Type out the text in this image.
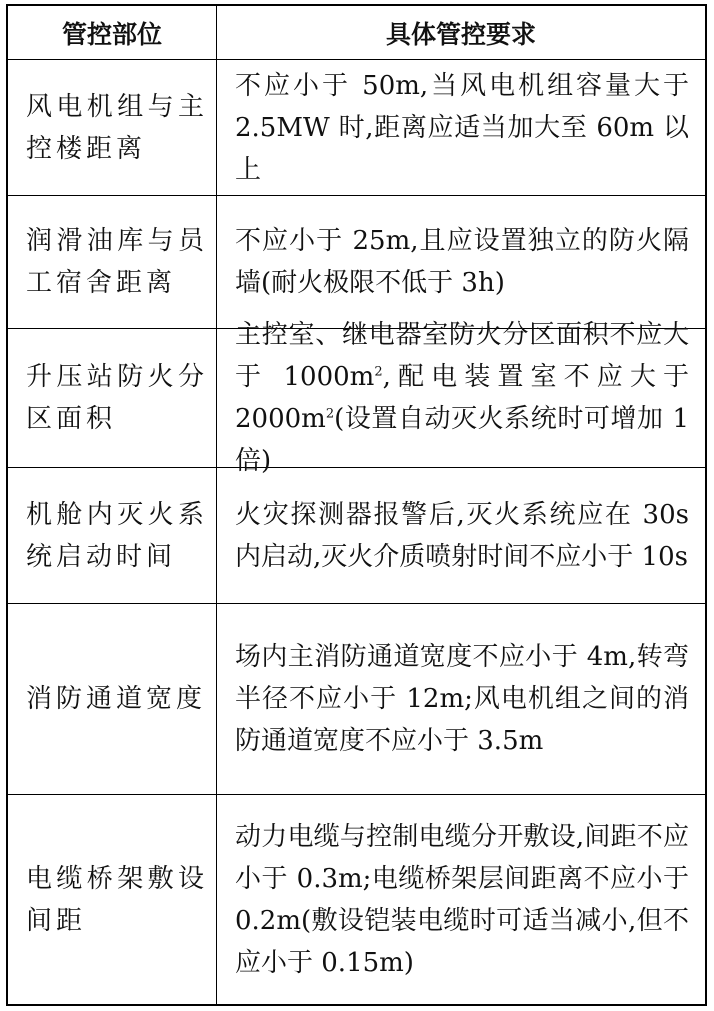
管控部位	具体管控要求
风电机组与主控楼距离
不应小于 50m,当风电机组容量大于 2.5MW 时,距离应适当加大至 60m 以上
润滑油库与员工宿舍距离
不应小于 25m,且应设置独立的防火隔墙(耐火极限不低于 3h)
升压站防火分区面积
主控室、继电器室防火分区面积不应大于 $1000m^2$,配电装置室不应大于 $2000m^2$(设置自动灭火系统时可增加 1 倍)
机舱内灭火系统启动时间
火灾探测器报警后,灭火系统应在 30s 内启动,灭火介质喷射时间不应小于 10s
消防通道宽度
场内主消防通道宽度不应小于 4m,转弯半径不应小于 12m;风电机组之间的消防通道宽度不应小于 3.5m
电缆桥架敷设间距
动力电缆与控制电缆分开敷设,间距不应小于 0.3m;电缆桥架层间距离不应小于 0.2m(敷设铠装电缆时可适当减小,但不应小于 0.15m)
